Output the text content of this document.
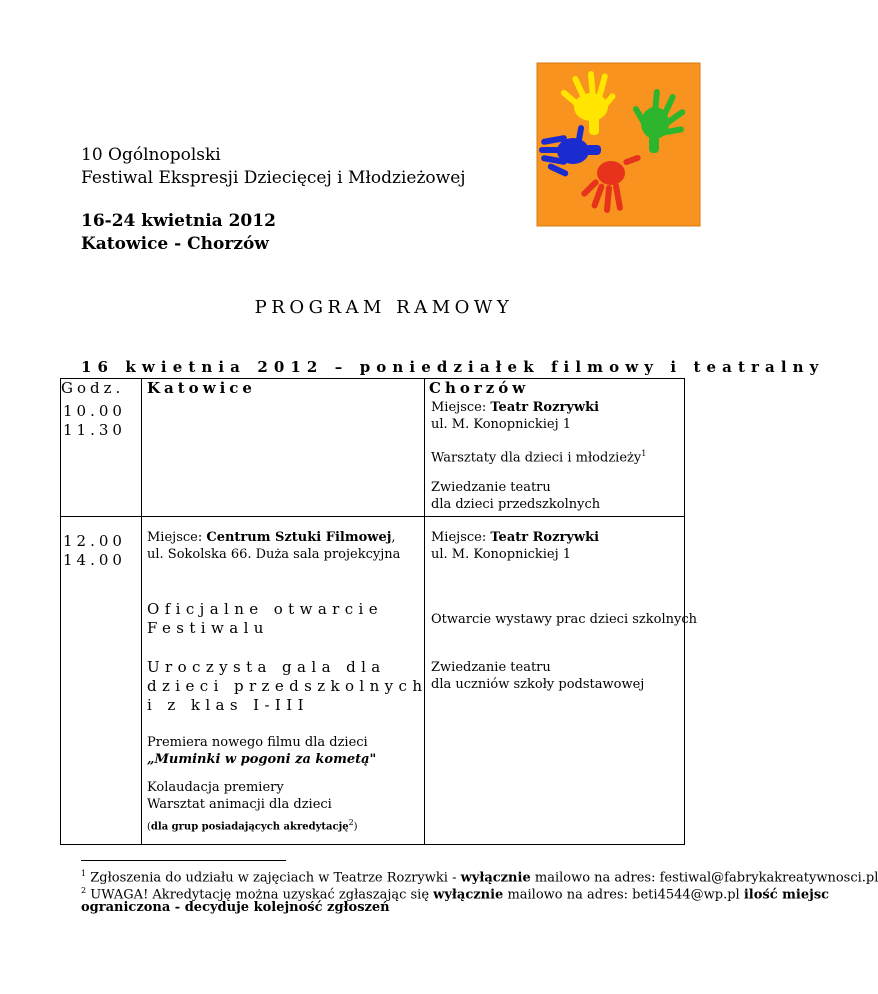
10 Ogólnopolski
Festiwal Ekspresji Dziecięcej i Młodzieżowej
16-24 kwietnia 2012
Katowice - Chorzów
PROGRAM RAMOWY
16 kwietnia 2012 – poniedziałek filmowy i teatralny
Godz. Katowice	Chorzów
10.00
11.30
Miejsce: Teatr Rozrywki
ul. M. Konopnickiej 1
Warsztaty dla dzieci i młodzieży$^1$
Zwiedzanie teatru
dla dzieci przedszkolnych
12.00
14.00
Miejsce: Centrum Sztuki Filmowej,
ul. Sokolska 66. Duża sala projekcyjna
Oficjalne otwarcie
Festiwalu
Uroczysta gala dla
dzieci przedszkolnych
i z klas I-III
Premiera nowego filmu dla dzieci
„Muminki w pogoni za kometą"
Kolaudacja premiery
Warsztat animacji dla dzieci
(dla grup posiadających akredytację$^2$)
Miejsce: Teatr Rozrywki
ul. M. Konopnickiej 1
Otwarcie wystawy prac dzieci szkolnych
Zwiedzanie teatru
dla uczniów szkoły podstawowej
$^1$ Zgłoszenia do udziału w zajęciach w Teatrze Rozrywki - wyłącznie mailowo na adres: festiwal@fabrykakreatywnosci.pl
$^2$ UWAGA! Akredytację można uzyskać zgłaszając się wyłącznie mailowo na adres: beti4544@wp.pl ilość miejsc
ograniczona - decyduje kolejność zgłoszeń
